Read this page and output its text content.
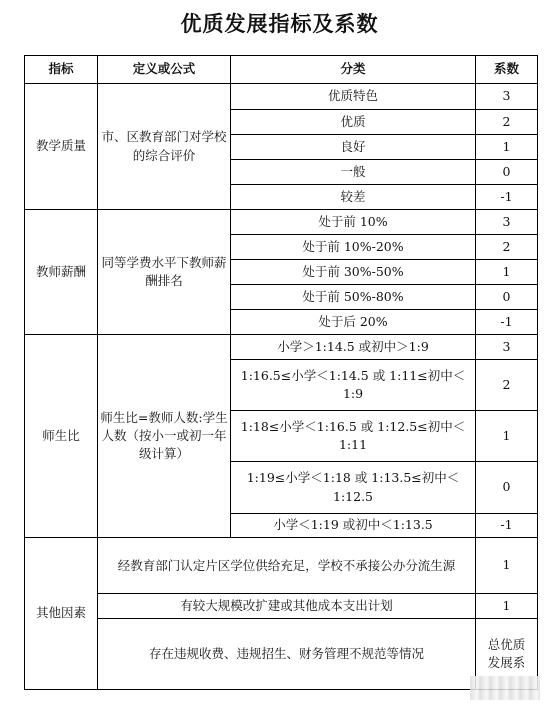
优质发展指标及系数
指标	定义或公式	分类	系数
教学质量	市、区教育部门对学校的综合评价	优质特色	3
		优质	2
		良好	1
		一般	0
		较差	-1
教师薪酬	同等学费水平下教师薪酬排名	处于前 10%	3
		处于前 10%-20%	2
		处于前 30%-50%	1
		处于前 50%-80%	0
		处于后 20%	-1
师生比	师生比=教师人数:学生人数（按小一或初一年级计算）	小学＞1:14.5 或初中＞1:9	3
		1:16.5≤小学＜1:14.5 或 1:11≤初中＜1:9	2
		1:18≤小学＜1:16.5 或 1:12.5≤初中＜1:11	1
		1:19≤小学＜1:18 或 1:13.5≤初中＜1:12.5	0
		小学＜1:19 或初中＜1:13.5	-1
其他因素	经教育部门认定片区学位供给充足，学校不承接公办分流生源		1
	有较大规模改扩建或其他成本支出计划		1
	存在违规收费、违规招生、财务管理不规范等情况		总优质发展系
